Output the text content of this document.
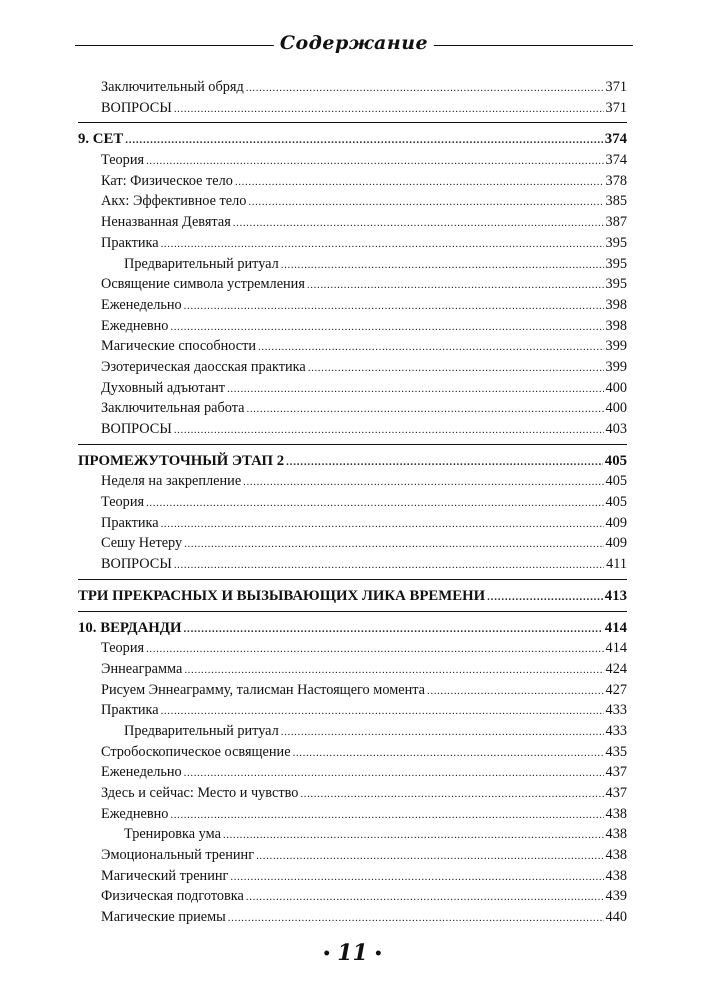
Содержание
Заключительный обряд .....	371
ВОПРОСЫ .....	371
9. СЕТ .....	374
Теория .....	374
Кат: Физическое тело .....	378
Акх: Эффективное тело .....	385
Неназванная Девятая .....	387
Практика .....	395
Предварительный ритуал .....	395
Освящение символа устремления .....	395
Еженедельно .....	398
Ежедневно .....	398
Магические способности .....	399
Эзотерическая даосская практика .....	399
Духовный адъютант .....	400
Заключительная работа .....	400
ВОПРОСЫ .....	403
ПРОМЕЖУТОЧНЫЙ ЭТАП 2 .....	405
Неделя на закрепление .....	405
Теория .....	405
Практика .....	409
Сешу Нетеру .....	409
ВОПРОСЫ .....	411
ТРИ ПРЕКРАСНЫХ И ВЫЗЫВАЮЩИХ ЛИКА ВРЕМЕНИ .....	413
10. ВЕРДАНДИ .....	414
Теория .....	414
Эннеаграмма .....	424
Рисуем Эннеаграмму, талисман Настоящего момента .....	427
Практика .....	433
Предварительный ритуал .....	433
Стробоскопическое освящение .....	435
Еженедельно .....	437
Здесь и сейчас: Место и чувство .....	437
Ежедневно .....	438
Тренировка ума .....	438
Эмоциональный тренинг .....	438
Магический тренинг .....	438
Физическая подготовка .....	439
Магические приемы .....	440
• 11 •
